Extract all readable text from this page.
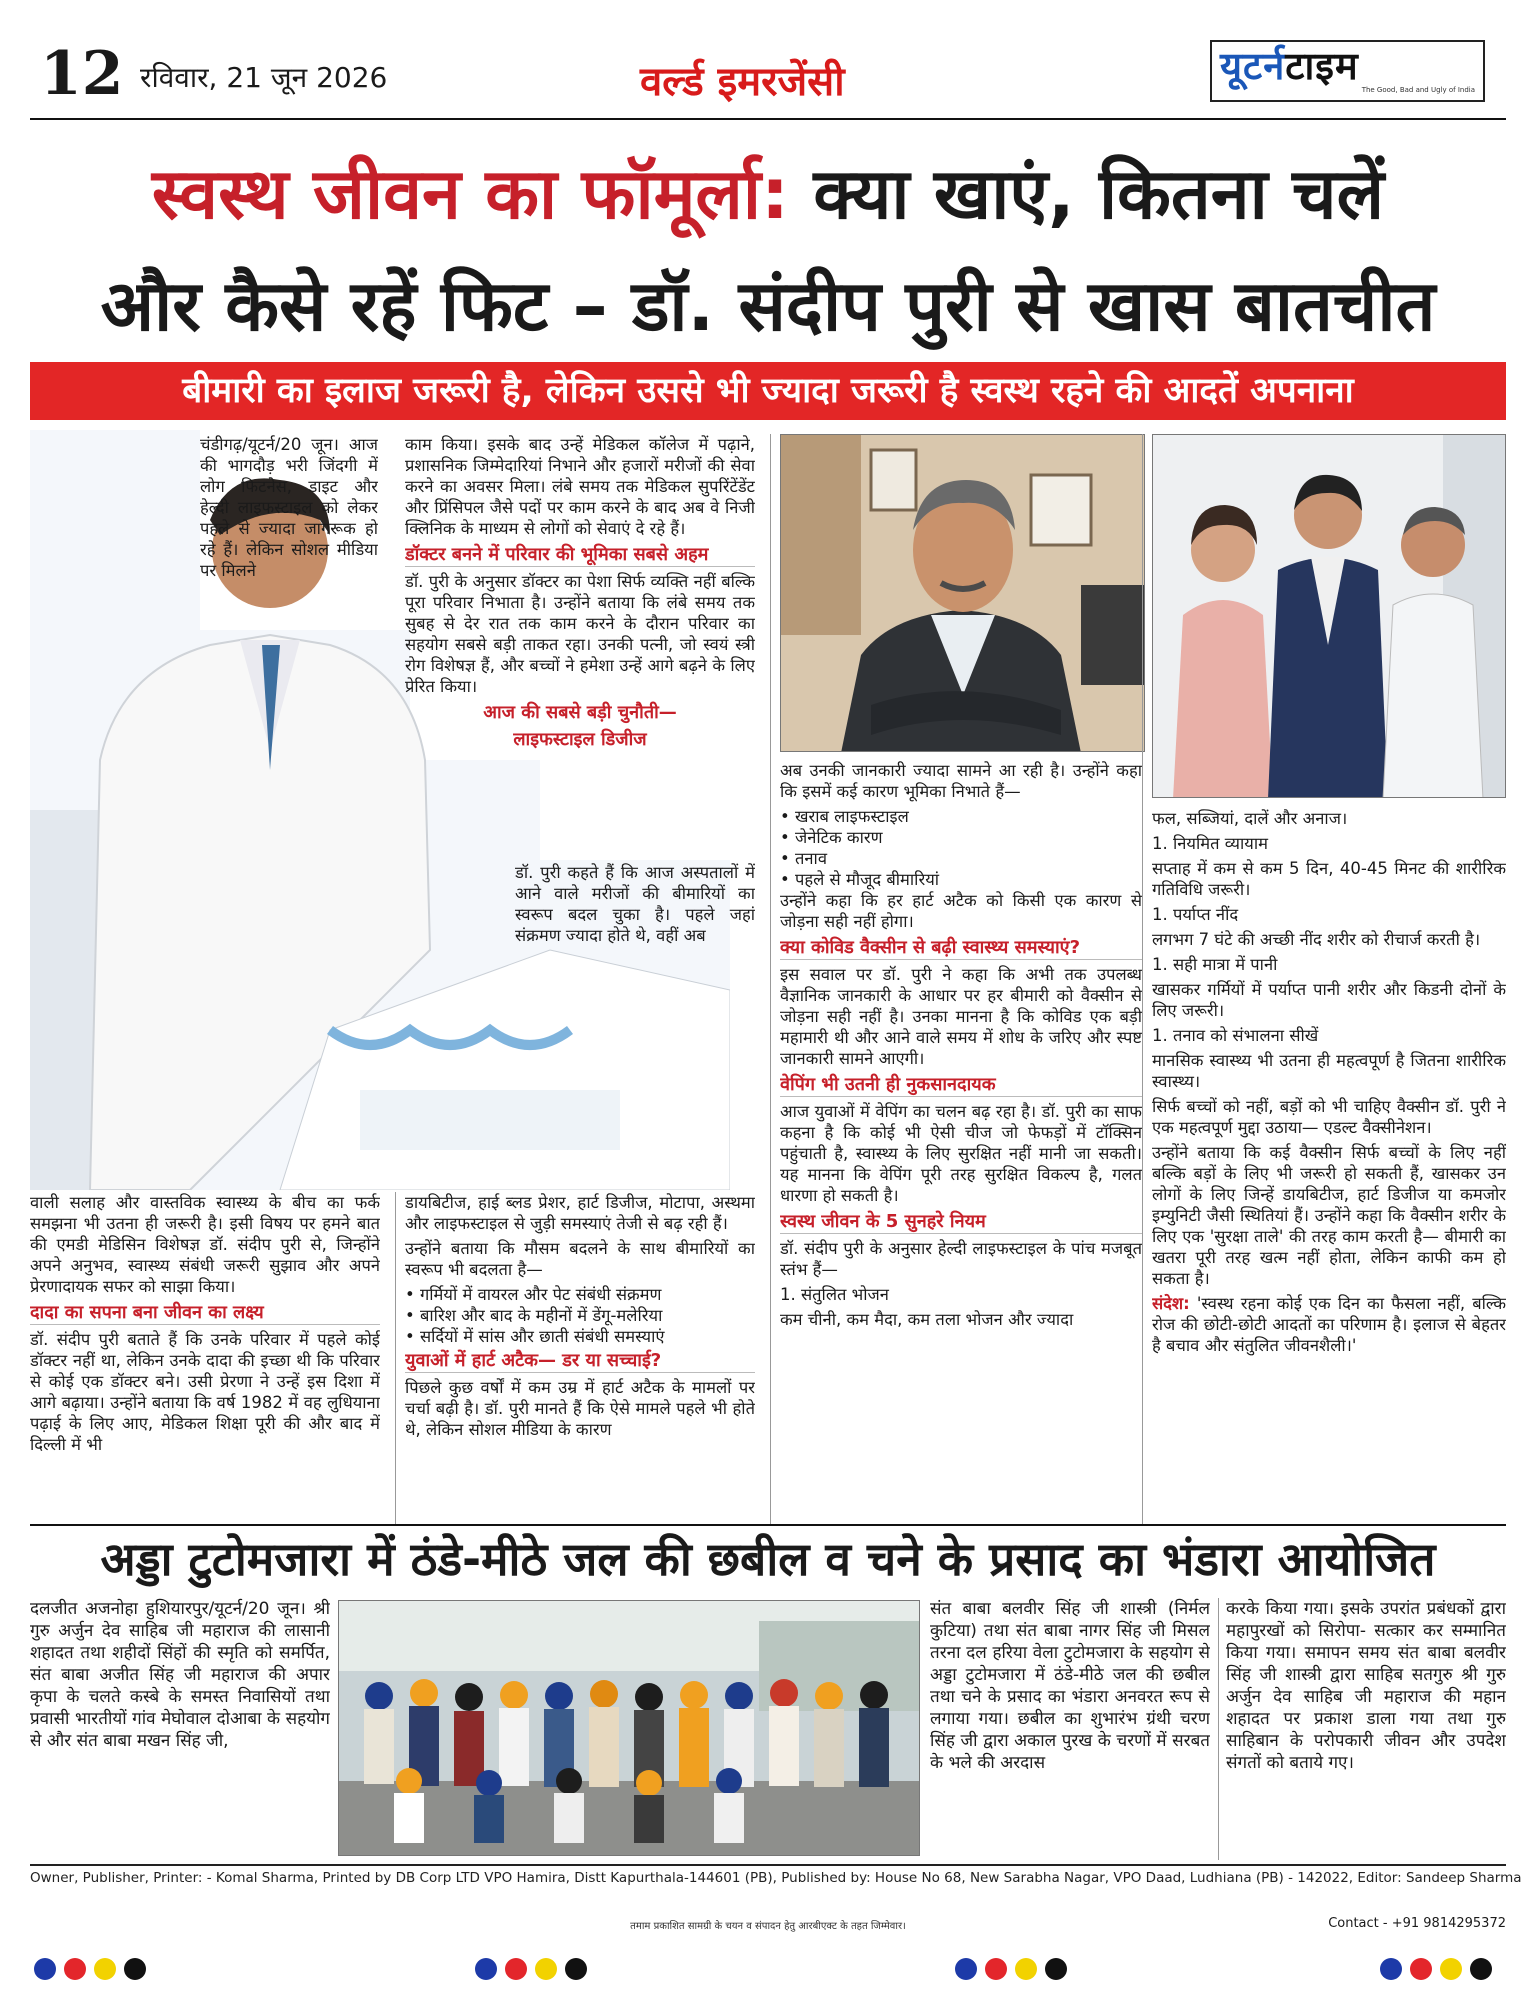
12 रविवार, 21 जून 2026	वर्ल्ड इमरजेंसी	यूटर्नटाइम
The Good, Bad and Ugly of India
स्वस्थ जीवन का फॉमूर्ला: क्या खाएं, कितना चलें
और कैसे रहें फिट – डॉ. संदीप पुरी से खास बातचीत
बीमारी का इलाज जरूरी है, लेकिन उससे भी ज्यादा जरूरी है स्वस्थ रहने की आदतें अपनाना

चंडीगढ़/यूटर्न/20 जून। आज की भागदौड़ भरी जिंदगी में लोग फिटनेस, डाइट और हेल्दी लाइफस्टाइल को लेकर पहले से ज्यादा जागरूक हो रहे हैं। लेकिन सोशल मीडिया पर मिलने

वाली सलाह और वास्तविक स्वास्थ्य के बीच का फर्क समझना भी उतना ही जरूरी है। इसी विषय पर हमने बात की एमडी मेडिसिन विशेषज्ञ डॉ. संदीप पुरी से, जिन्होंने अपने अनुभव, स्वास्थ्य संबंधी जरूरी सुझाव और अपने प्रेरणादायक सफर को साझा किया।

दादा का सपना बना जीवन का लक्ष्य

डॉ. संदीप पुरी बताते हैं कि उनके परिवार में पहले कोई डॉक्टर नहीं था, लेकिन उनके दादा की इच्छा थी कि परिवार से कोई एक डॉक्टर बने। उसी प्रेरणा ने उन्हें इस दिशा में आगे बढ़ाया। उन्होंने बताया कि वर्ष 1982 में वह लुधियाना पढ़ाई के लिए आए, मेडिकल शिक्षा पूरी की और बाद में दिल्ली में भी

काम किया। इसके बाद उन्हें मेडिकल कॉलेज में पढ़ाने, प्रशासनिक जिम्मेदारियां निभाने और हजारों मरीजों की सेवा करने का अवसर मिला। लंबे समय तक मेडिकल सुपरिंटेंडेंट और प्रिंसिपल जैसे पदों पर काम करने के बाद अब वे निजी क्लिनिक के माध्यम से लोगों को सेवाएं दे रहे हैं।

डॉक्टर बनने में परिवार की भूमिका सबसे अहम

डॉ. पुरी के अनुसार डॉक्टर का पेशा सिर्फ व्यक्ति नहीं बल्कि पूरा परिवार निभाता है। उन्होंने बताया कि लंबे समय तक सुबह से देर रात तक काम करने के दौरान परिवार का सहयोग सबसे बड़ी ताकत रहा। उनकी पत्नी, जो स्वयं स्त्री रोग विशेषज्ञ हैं, और बच्चों ने हमेशा उन्हें आगे बढ़ने के लिए प्रेरित किया।

आज की सबसे बड़ी चुनौती—
लाइफस्टाइल डिजीज

डॉ. पुरी कहते हैं कि आज अस्पतालों में आने वाले मरीजों की बीमारियों का स्वरूप बदल चुका है। पहले जहां संक्रमण ज्यादा होते थे, वहीं अब

डायबिटीज, हाई ब्लड प्रेशर, हार्ट डिजीज, मोटापा, अस्थमा और लाइफस्टाइल से जुड़ी समस्याएं तेजी से बढ़ रही हैं।

उन्होंने बताया कि मौसम बदलने के साथ बीमारियों का स्वरूप भी बदलता है—

• गर्मियों में वायरल और पेट संबंधी संक्रमण
• बारिश और बाद के महीनों में डेंगू-मलेरिया
• सर्दियों में सांस और छाती संबंधी समस्याएं
युवाओं में हार्ट अटैक— डर या सच्चाई?

पिछले कुछ वर्षों में कम उम्र में हार्ट अटैक के मामलों पर चर्चा बढ़ी है। डॉ. पुरी मानते हैं कि ऐसे मामले पहले भी होते थे, लेकिन सोशल मीडिया के कारण

अब उनकी जानकारी ज्यादा सामने आ रही है। उन्होंने कहा कि इसमें कई कारण भूमिका निभाते हैं—

• खराब लाइफस्टाइल
• जेनेटिक कारण
• तनाव
• पहले से मौजूद बीमारियां

उन्होंने कहा कि हर हार्ट अटैक को किसी एक कारण से जोड़ना सही नहीं होगा।

क्या कोविड वैक्सीन से बढ़ी स्वास्थ्य समस्याएं?

इस सवाल पर डॉ. पुरी ने कहा कि अभी तक उपलब्ध वैज्ञानिक जानकारी के आधार पर हर बीमारी को वैक्सीन से जोड़ना सही नहीं है। उनका मानना है कि कोविड एक बड़ी महामारी थी और आने वाले समय में शोध के जरिए और स्पष्ट जानकारी सामने आएगी।

वेपिंग भी उतनी ही नुकसानदायक

आज युवाओं में वेपिंग का चलन बढ़ रहा है। डॉ. पुरी का साफ कहना है कि कोई भी ऐसी चीज जो फेफड़ों में टॉक्सिन पहुंचाती है, स्वास्थ्य के लिए सुरक्षित नहीं मानी जा सकती। यह मानना कि वेपिंग पूरी तरह सुरक्षित विकल्प है, गलत धारणा हो सकती है।

स्वस्थ जीवन के 5 सुनहरे नियम

डॉ. संदीप पुरी के अनुसार हेल्दी लाइफस्टाइल के पांच मजबूत स्तंभ हैं—

1. संतुलित भोजन

कम चीनी, कम मैदा, कम तला भोजन और ज्यादा

फल, सब्जियां, दालें और अनाज।

1. नियमित व्यायाम

सप्ताह में कम से कम 5 दिन, 40-45 मिनट की शारीरिक गतिविधि जरूरी।

1. पर्याप्त नींद

लगभग 7 घंटे की अच्छी नींद शरीर को रीचार्ज करती है।

1. सही मात्रा में पानी

खासकर गर्मियों में पर्याप्त पानी शरीर और किडनी दोनों के लिए जरूरी।

1. तनाव को संभालना सीखें

मानसिक स्वास्थ्य भी उतना ही महत्वपूर्ण है जितना शारीरिक स्वास्थ्य।

सिर्फ बच्चों को नहीं, बड़ों को भी चाहिए वैक्सीन डॉ. पुरी ने एक महत्वपूर्ण मुद्दा उठाया— एडल्ट वैक्सीनेशन।

उन्होंने बताया कि कई वैक्सीन सिर्फ बच्चों के लिए नहीं बल्कि बड़ों के लिए भी जरूरी हो सकती हैं, खासकर उन लोगों के लिए जिन्हें डायबिटीज, हार्ट डिजीज या कमजोर इम्युनिटी जैसी स्थितियां हैं। उन्होंने कहा कि वैक्सीन शरीर के लिए एक 'सुरक्षा ताले' की तरह काम करती है— बीमारी का खतरा पूरी तरह खत्म नहीं होता, लेकिन काफी कम हो सकता है।

संदेश: 'स्वस्थ रहना कोई एक दिन का फैसला नहीं, बल्कि रोज की छोटी-छोटी आदतों का परिणाम है। इलाज से बेहतर है बचाव और संतुलित जीवनशैली।'

अड्डा टुटोमजारा में ठंडे-मीठे जल की छबील व चने के प्रसाद का भंडारा आयोजित

दलजीत अजनोहा हुशियारपुर/यूटर्न/20 जून। श्री गुरु अर्जुन देव साहिब जी महाराज की लासानी शहादत तथा शहीदों सिंहों की स्मृति को समर्पित, संत बाबा अजीत सिंह जी महाराज की अपार कृपा के चलते कस्बे के समस्त निवासियों तथा प्रवासी भारतीयों गांव मेघोवाल दोआबा के सहयोग से और संत बाबा मखन सिंह जी,

संत बाबा बलवीर सिंह जी शास्त्री (निर्मल कुटिया) तथा संत बाबा नागर सिंह जी मिसल तरना दल हरिया वेला टुटोमजारा के सहयोग से अड्डा टुटोमजारा में ठंडे-मीठे जल की छबील तथा चने के प्रसाद का भंडारा अनवरत रूप से लगाया गया। छबील का शुभारंभ ग्रंथी चरण सिंह जी द्वारा अकाल पुरख के चरणों में सरबत के भले की अरदास

करके किया गया। इसके उपरांत प्रबंधकों द्वारा महापुरखों को सिरोपा- सत्कार कर सम्मानित किया गया। समापन समय संत बाबा बलवीर सिंह जी शास्त्री द्वारा साहिब सतगुरु श्री गुरु अर्जुन देव साहिब जी महाराज की महान शहादत पर प्रकाश डाला गया तथा गुरु साहिबान के परोपकारी जीवन और उपदेश संगतों को बताये गए।

Owner, Publisher, Printer: - Komal Sharma, Printed by DB Corp LTD VPO Hamira, Distt Kapurthala-144601 (PB), Published by: House No 68, New Sarabha Nagar, VPO Daad, Ludhiana (PB) - 142022, Editor: Sandeep Sharma
Contact - +91 9814295372
तमाम प्रकाशित सामग्री के चयन व संपादन हेतु आरबीएक्ट के तहत जिम्मेवार।
